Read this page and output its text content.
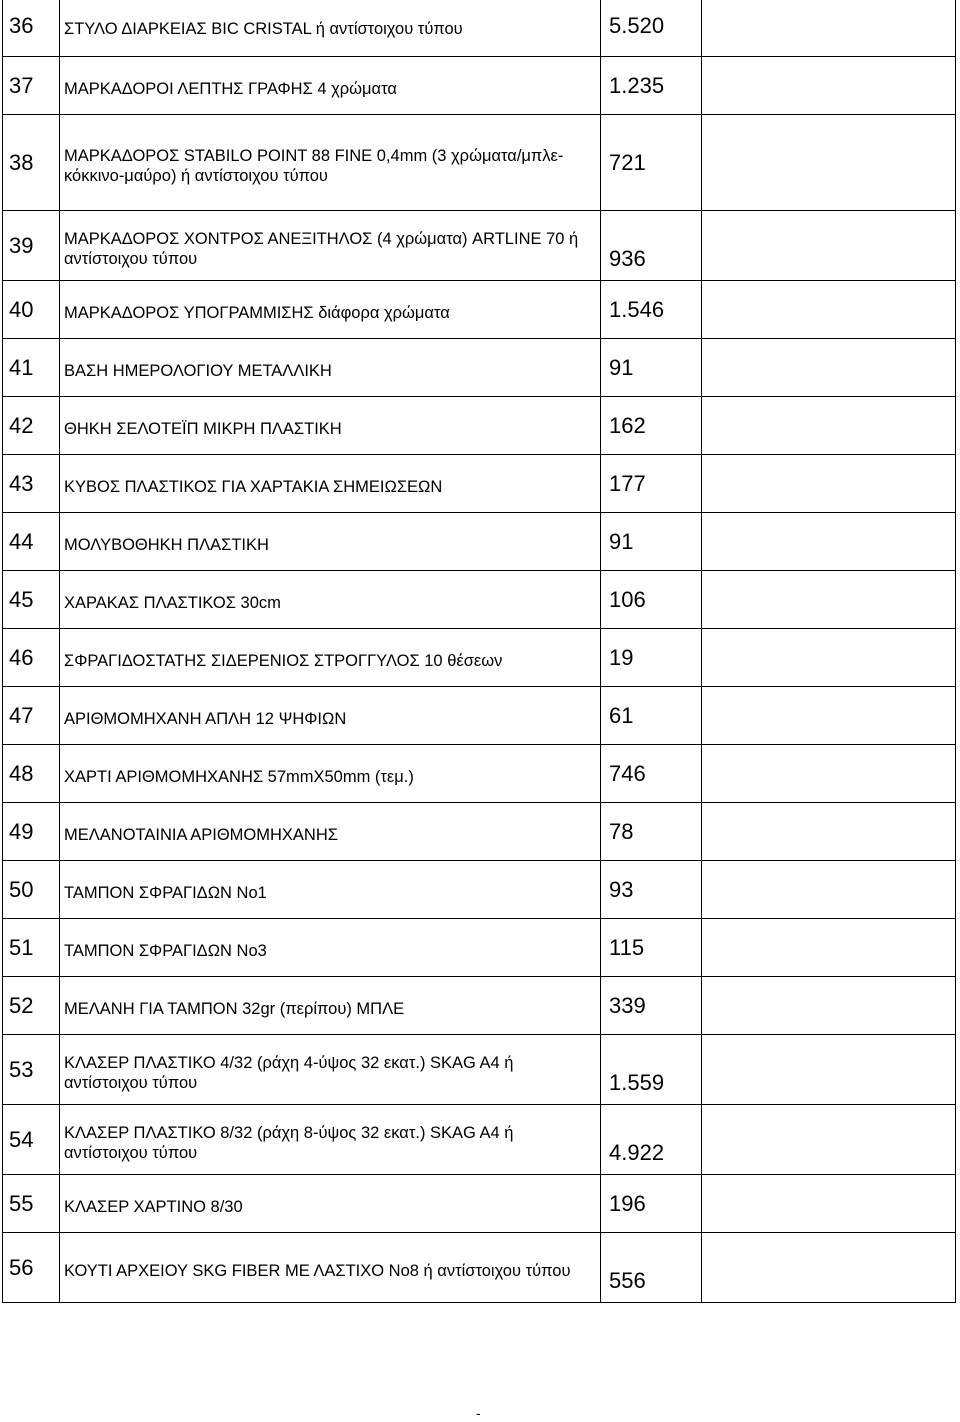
36	ΣΤΥΛΟ ΔΙΑΡΚΕΙΑΣ BIC CRISTAL ή αντίστοιχου τύπου	5.520	
37	ΜΑΡΚΑΔΟΡΟΙ ΛΕΠΤΗΣ ΓΡΑΦΗΣ 4 χρώματα	1.235	
38	ΜΑΡΚΑΔΟΡΟΣ STABILO POINT 88 FINE 0,4mm (3 χρώματα/μπλε-κόκκινο-μαύρο) ή αντίστοιχου τύπου	721	
39	ΜΑΡΚΑΔΟΡΟΣ ΧΟΝΤΡΟΣ ΑΝΕΞΙΤΗΛΟΣ (4 χρώματα) ARTLINE 70 ή αντίστοιχου τύπου	936	
40	ΜΑΡΚΑΔΟΡΟΣ ΥΠΟΓΡΑΜΜΙΣΗΣ διάφορα χρώματα	1.546	
41	ΒΑΣΗ ΗΜΕΡΟΛΟΓΙΟΥ ΜΕΤΑΛΛΙΚΗ	91	
42	ΘΗΚΗ ΣΕΛΟΤΕΪΠ ΜΙΚΡΗ ΠΛΑΣΤΙΚΗ	162	
43	ΚΥΒΟΣ ΠΛΑΣΤΙΚΟΣ ΓΙΑ ΧΑΡΤΑΚΙΑ ΣΗΜΕΙΩΣΕΩΝ	177	
44	ΜΟΛΥΒΟΘΗΚΗ ΠΛΑΣΤΙΚΗ	91	
45	ΧΑΡΑΚΑΣ ΠΛΑΣΤΙΚΟΣ 30cm	106	
46	ΣΦΡΑΓΙΔΟΣΤΑΤΗΣ ΣΙΔΕΡΕΝΙΟΣ ΣΤΡΟΓΓΥΛΟΣ 10 θέσεων	19	
47	ΑΡΙΘΜΟΜΗΧΑΝΗ ΑΠΛΗ 12 ΨΗΦΙΩΝ	61	
48	ΧΑΡΤΙ ΑΡΙΘΜΟΜΗΧΑΝΗΣ 57mmX50mm (τεμ.)	746	
49	ΜΕΛΑΝΟΤΑΙΝΙΑ ΑΡΙΘΜΟΜΗΧΑΝΗΣ	78	
50	ΤΑΜΠΟΝ ΣΦΡΑΓΙΔΩΝ Νο1	93	
51	ΤΑΜΠΟΝ ΣΦΡΑΓΙΔΩΝ Νο3	115	
52	ΜΕΛΑΝΗ ΓΙΑ ΤΑΜΠΟΝ 32gr (περίπου) ΜΠΛΕ	339	
53	ΚΛΑΣΕΡ ΠΛΑΣΤΙΚΟ 4/32 (ράχη 4-ύψος 32 εκατ.) SKAG A4 ή αντίστοιχου τύπου	1.559	
54	ΚΛΑΣΕΡ ΠΛΑΣΤΙΚΟ 8/32 (ράχη 8-ύψος 32 εκατ.) SKAG A4 ή αντίστοιχου τύπου	4.922	
55	ΚΛΑΣΕΡ ΧΑΡΤΙΝΟ 8/30	196	
56	ΚΟΥΤΙ ΑΡΧΕΙΟΥ SKG FIBER ΜΕ ΛΑΣΤΙΧΟ Νο8 ή αντίστοιχου τύπου	556	
-
